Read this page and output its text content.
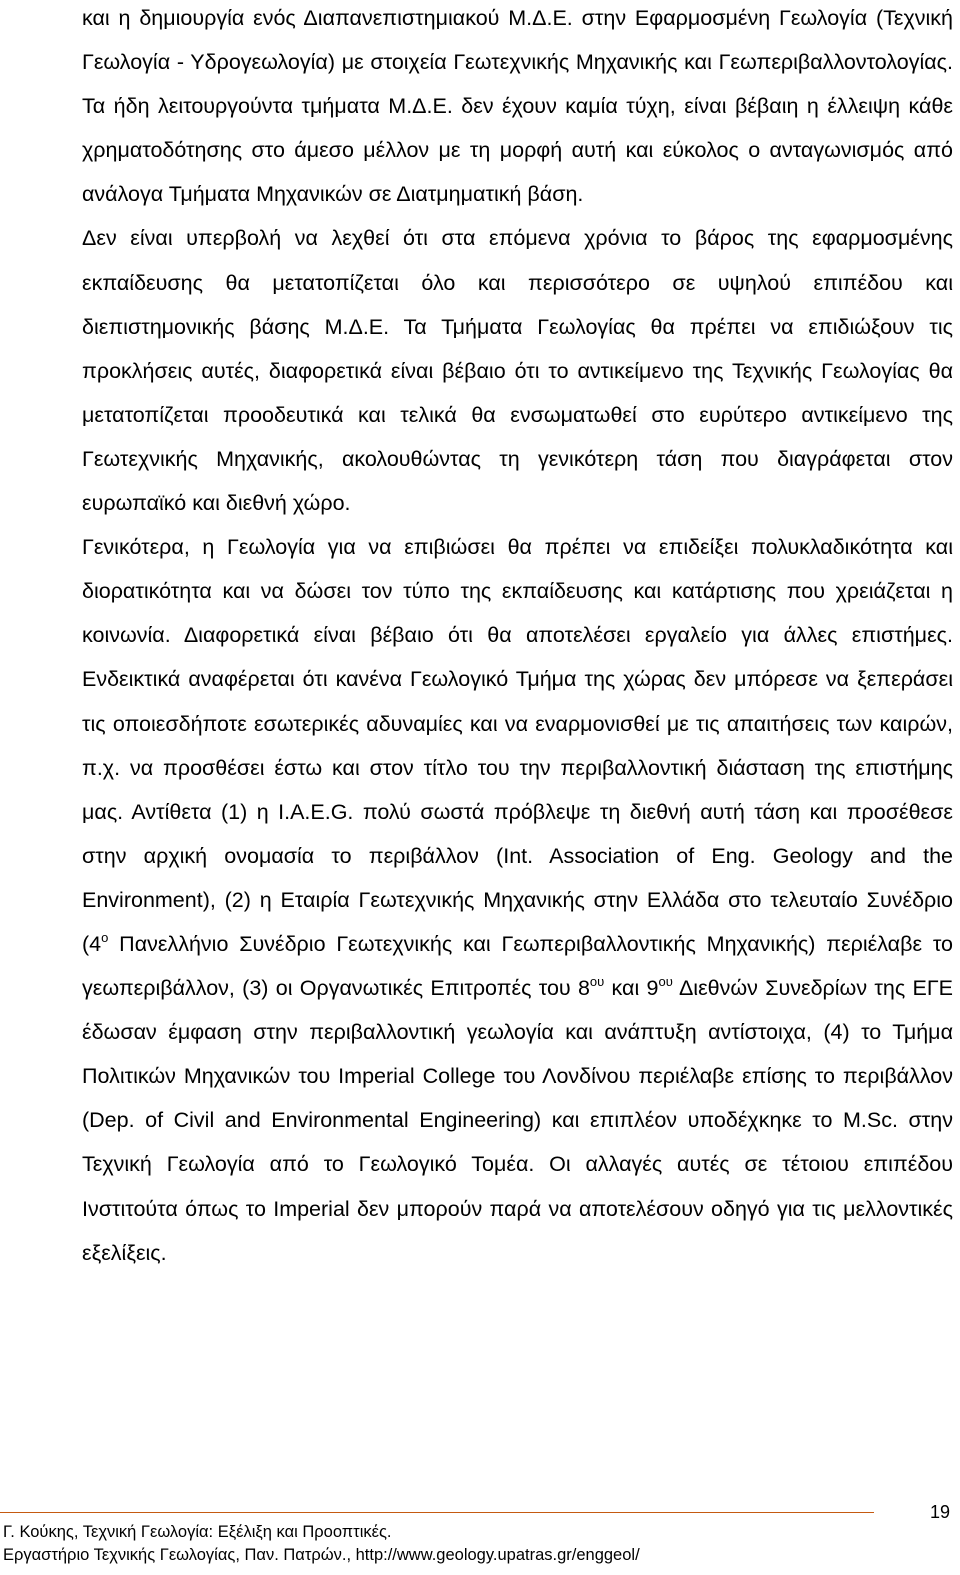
και η δημιουργία ενός Διαπανεπιστημιακού Μ.Δ.Ε. στην Εφαρμοσμένη Γεωλογία (Τεχνική Γεωλογία - Υδρογεωλογία) με στοιχεία Γεωτεχνικής Μηχανικής και Γεωπεριβαλλοντολογίας. Τα ήδη λειτουργούντα τμήματα Μ.Δ.Ε. δεν έχουν καμία τύχη, είναι βέβαιη η έλλειψη κάθε χρηματοδότησης στο άμεσο μέλλον με τη μορφή αυτή και εύκολος ο ανταγωνισμός από ανάλογα Τμήματα Μηχανικών σε Διατμηματική βάση.

Δεν είναι υπερβολή να λεχθεί ότι στα επόμενα χρόνια το βάρος της εφαρμοσμένης εκπαίδευσης θα μετατοπίζεται όλο και περισσότερο σε υψηλού επιπέδου και διεπιστημονικής βάσης Μ.Δ.Ε. Τα Τμήματα Γεωλογίας θα πρέπει να επιδιώξουν τις προκλήσεις αυτές, διαφορετικά είναι βέβαιο ότι το αντικείμενο της Τεχνικής Γεωλογίας θα μετατοπίζεται προοδευτικά και τελικά θα ενσωματωθεί στο ευρύτερο αντικείμενο της Γεωτεχνικής Μηχανικής, ακολουθώντας τη γενικότερη τάση που διαγράφεται στον ευρωπαϊκό και διεθνή χώρο.

Γενικότερα, η Γεωλογία για να επιβιώσει θα πρέπει να επιδείξει πολυκλαδικότητα και διορατικότητα και να δώσει τον τύπο της εκπαίδευσης και κατάρτισης που χρειάζεται η κοινωνία. Διαφορετικά είναι βέβαιο ότι θα αποτελέσει εργαλείο για άλλες επιστήμες. Ενδεικτικά αναφέρεται ότι κανένα Γεωλογικό Τμήμα της χώρας δεν μπόρεσε να ξεπεράσει τις οποιεσδήποτε εσωτερικές αδυναμίες και να εναρμονισθεί με τις απαιτήσεις των καιρών, π.χ. να προσθέσει έστω και στον τίτλο του την περιβαλλοντική διάσταση της επιστήμης μας. Αντίθετα (1) η I.A.E.G. πολύ σωστά πρόβλεψε τη διεθνή αυτή τάση και προσέθεσε στην αρχική ονομασία το περιβάλλον (Int. Association of Eng. Geology and the Environment), (2) η Εταιρία Γεωτεχνικής Μηχανικής στην Ελλάδα στο τελευταίο Συνέδριο ($4^o$ Πανελλήνιο Συνέδριο Γεωτεχνικής και Γεωπεριβαλλοντικής Μηχανικής) περιέλαβε το γεωπεριβάλλον, (3) οι Οργανωτικές Επιτροπές του $8^{o\upsilon}$ και $9^{o\upsilon}$ Διεθνών Συνεδρίων της ΕΓΕ έδωσαν έμφαση στην περιβαλλοντική γεωλογία και ανάπτυξη αντίστοιχα, (4) το Τμήμα Πολιτικών Μηχανικών του Imperial College του Λονδίνου περιέλαβε επίσης το περιβάλλον (Dep. of Civil and Environmental Engineering) και επιπλέον υποδέχκηκε το M.Sc. στην Τεχνική Γεωλογία από το Γεωλογικό Τομέα. Οι αλλαγές αυτές σε τέτοιου επιπέδου Ινστιτούτα όπως το Imperial δεν μπορούν παρά να αποτελέσουν οδηγό για τις μελλοντικές εξελίξεις.

19
Γ. Κούκης, Τεχνική Γεωλογία: Εξέλιξη και Προοπτικές.
Εργαστήριο Τεχνικής Γεωλογίας, Παν. Πατρών., http://www.geology.upatras.gr/enggeol/
